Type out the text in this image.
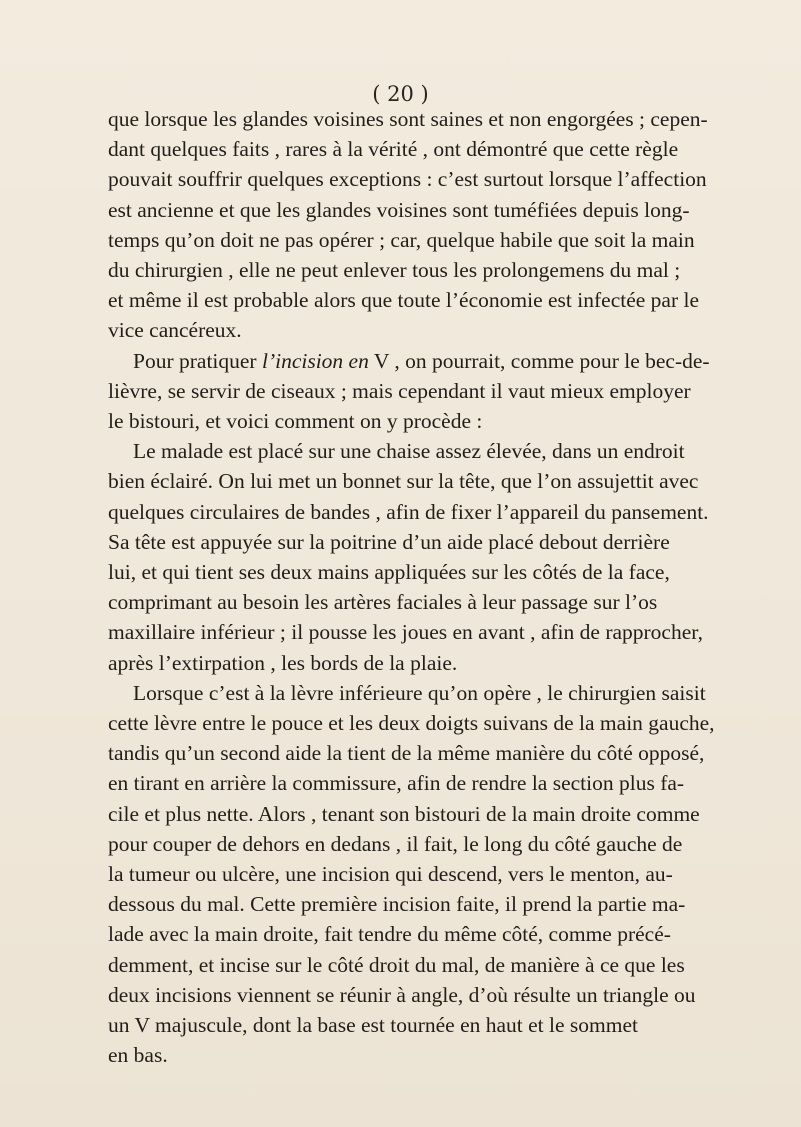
( 20 )
que lorsque les glandes voisines sont saines et non engorgées ; cepen-
dant quelques faits , rares à la vérité , ont démontré que cette règle
pouvait souffrir quelques exceptions : c’est surtout lorsque l’affection
est ancienne et que les glandes voisines sont tuméfiées depuis long-
temps qu’on doit ne pas opérer ; car, quelque habile que soit la main
du chirurgien , elle ne peut enlever tous les prolongemens du mal ;
et même il est probable alors que toute l’économie est infectée par le
vice cancéreux.
Pour pratiquer l’incision en V , on pourrait, comme pour le bec-de-
lièvre, se servir de ciseaux ; mais cependant il vaut mieux employer
le bistouri, et voici comment on y procède :
Le malade est placé sur une chaise assez élevée, dans un endroit
bien éclairé. On lui met un bonnet sur la tête, que l’on assujettit avec
quelques circulaires de bandes , afin de fixer l’appareil du pansement.
Sa tête est appuyée sur la poitrine d’un aide placé debout derrière
lui, et qui tient ses deux mains appliquées sur les côtés de la face,
comprimant au besoin les artères faciales à leur passage sur l’os
maxillaire inférieur ; il pousse les joues en avant , afin de rapprocher,
après l’extirpation , les bords de la plaie.
Lorsque c’est à la lèvre inférieure qu’on opère , le chirurgien saisit
cette lèvre entre le pouce et les deux doigts suivans de la main gauche,
tandis qu’un second aide la tient de la même manière du côté opposé,
en tirant en arrière la commissure, afin de rendre la section plus fa-
cile et plus nette. Alors , tenant son bistouri de la main droite comme
pour couper de dehors en dedans , il fait, le long du côté gauche de
la tumeur ou ulcère, une incision qui descend, vers le menton, au-
dessous du mal. Cette première incision faite, il prend la partie ma-
lade avec la main droite, fait tendre du même côté, comme précé-
demment, et incise sur le côté droit du mal, de manière à ce que les
deux incisions viennent se réunir à angle, d’où résulte un triangle ou
un V majuscule, dont la base est tournée en haut et le sommet
en bas.
